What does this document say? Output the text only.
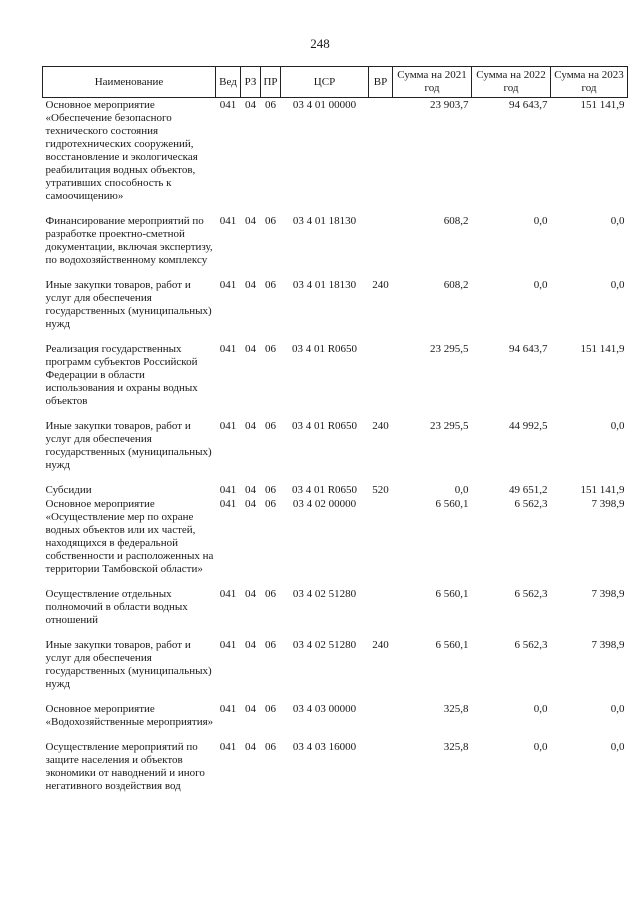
248
Наименование	Вед	РЗ	ПР	ЦСР	ВР	Сумма на 2021 год	Сумма на 2022 год	Сумма на 2023 год
Основное мероприятие «Обеспечение безопасного технического состояния гидротехнических сооружений, восстановление и экологическая реабилитация водных объектов, утративших способность к самоочищению»	041	04	06	03 4 01 00000		23 903,7	94 643,7	151 141,9
Финансирование мероприятий по разработке проектно-сметной документации, включая экспертизу, по водохозяйственному комплексу	041	04	06	03 4 01 18130		608,2	0,0	0,0
Иные закупки товаров, работ и услуг для обеспечения государственных (муниципальных) нужд	041	04	06	03 4 01 18130	240	608,2	0,0	0,0
Реализация государственных программ субъектов Российской Федерации в области использования и охраны водных объектов	041	04	06	03 4 01 R0650		23 295,5	94 643,7	151 141,9
Иные закупки товаров, работ и услуг для обеспечения государственных (муниципальных) нужд	041	04	06	03 4 01 R0650	240	23 295,5	44 992,5	0,0
Субсидии	041	04	06	03 4 01 R0650	520	0,0	49 651,2	151 141,9
Основное мероприятие «Осуществление мер по охране водных объектов или их частей, находящихся в федеральной собственности и расположенных на территории Тамбовской области»	041	04	06	03 4 02 00000		6 560,1	6 562,3	7 398,9
Осуществление отдельных полномочий в области водных отношений	041	04	06	03 4 02 51280		6 560,1	6 562,3	7 398,9
Иные закупки товаров, работ и услуг для обеспечения государственных (муниципальных) нужд	041	04	06	03 4 02 51280	240	6 560,1	6 562,3	7 398,9
Основное мероприятие «Водохозяйственные мероприятия»	041	04	06	03 4 03 00000		325,8	0,0	0,0
Осуществление мероприятий по защите населения и объектов экономики от наводнений и иного негативного воздействия вод	041	04	06	03 4 03 16000		325,8	0,0	0,0
